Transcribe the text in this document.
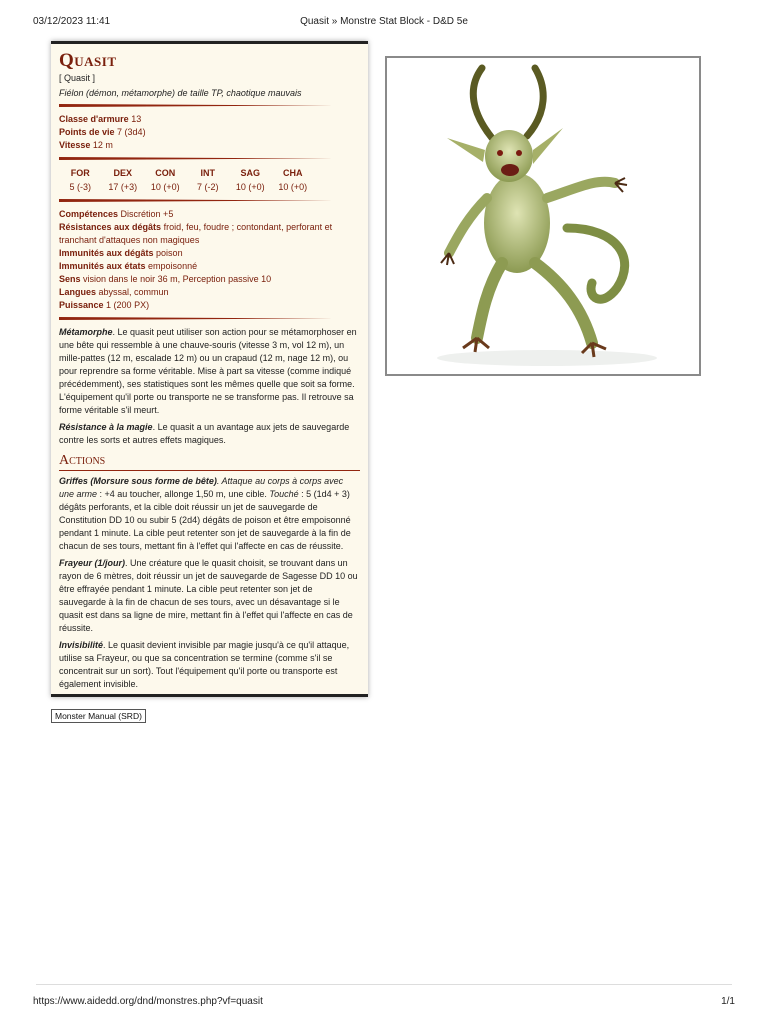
03/12/2023 11:41	Quasit » Monstre Stat Block - D&D 5e
Quasit
[ Quasit ]
Fiélon (démon, métamorphe) de taille TP, chaotique mauvais
Classe d'armure 13
Points de vie 7 (3d4)
Vitesse 12 m
FOR
5 (-3)
DEX
17 (+3)
CON
10 (+0)
INT
7 (-2)
SAG
10 (+0)
CHA
10 (+0)
Compétences Discrétion +5
Résistances aux dégâts froid, feu, foudre ; contondant, perforant et tranchant d'attaques non magiques
Immunités aux dégâts poison
Immunités aux états empoisonné
Sens vision dans le noir 36 m, Perception passive 10
Langues abyssal, commun
Puissance 1 (200 PX)
Métamorphe. Le quasit peut utiliser son action pour se métamorphoser en une bête qui ressemble à une chauve-souris (vitesse 3 m, vol 12 m), un mille-pattes (12 m, escalade 12 m) ou un crapaud (12 m, nage 12 m), ou pour reprendre sa forme véritable. Mise à part sa vitesse (comme indiqué précédemment), ses statistiques sont les mêmes quelle que soit sa forme. L'équipement qu'il porte ou transporte ne se transforme pas. Il retrouve sa forme véritable s'il meurt.
Résistance à la magie. Le quasit a un avantage aux jets de sauvegarde contre les sorts et autres effets magiques.
Actions
Griffes (Morsure sous forme de bête). Attaque au corps à corps avec une arme : +4 au toucher, allonge 1,50 m, une cible. Touché : 5 (1d4 + 3) dégâts perforants, et la cible doit réussir un jet de sauvegarde de Constitution DD 10 ou subir 5 (2d4) dégâts de poison et être empoisonné pendant 1 minute. La cible peut retenter son jet de sauvegarde à la fin de chacun de ses tours, mettant fin à l'effet qui l'affecte en cas de réussite.
Frayeur (1/jour). Une créature que le quasit choisit, se trouvant dans un rayon de 6 mètres, doit réussir un jet de sauvegarde de Sagesse DD 10 ou être effrayée pendant 1 minute. La cible peut retenter son jet de sauvegarde à la fin de chacun de ses tours, avec un désavantage si le quasit est dans sa ligne de mire, mettant fin à l'effet qui l'affecte en cas de réussite.
Invisibilité. Le quasit devient invisible par magie jusqu'à ce qu'il attaque, utilise sa Frayeur, ou que sa concentration se termine (comme s'il se concentrait sur un sort). Tout l'équipement qu'il porte ou transporte est également invisible.
Monster Manual (SRD)
https://www.aidedd.org/dnd/monstres.php?vf=quasit	1/1
